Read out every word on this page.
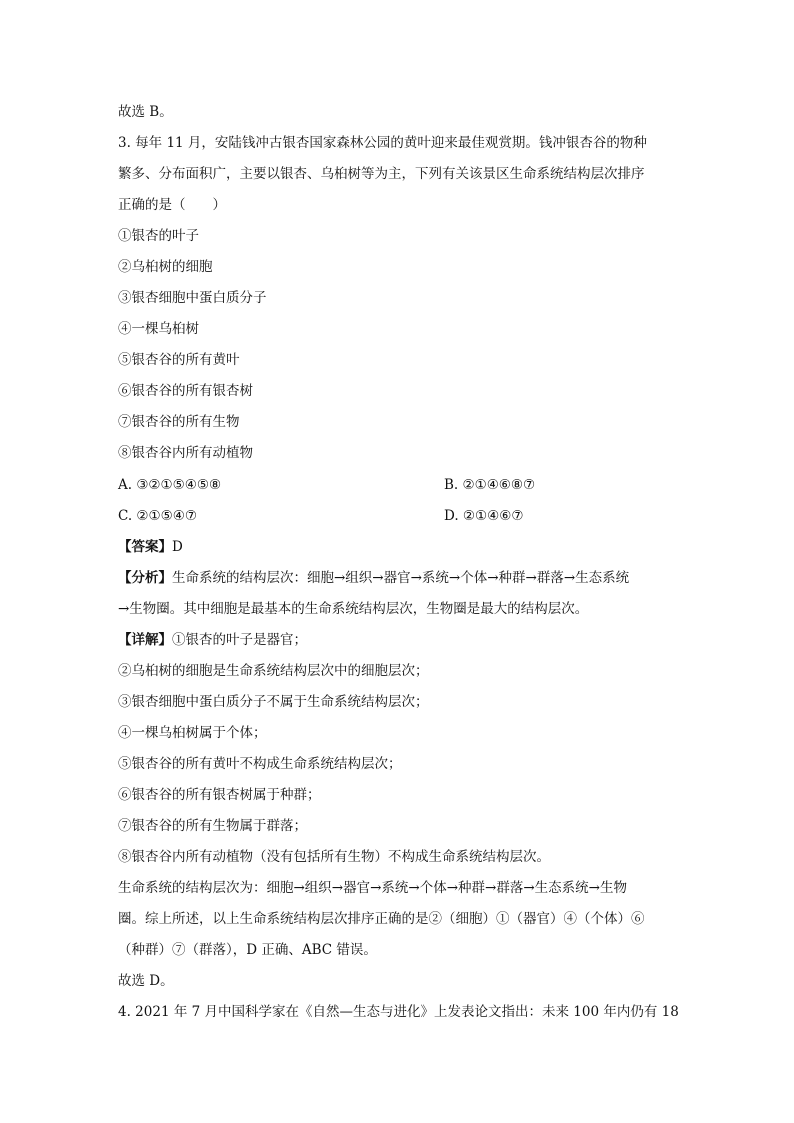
故选 B。
3. 每年 11 月，安陆钱冲古银杏国家森林公园的黄叶迎来最佳观赏期。钱冲银杏谷的物种
繁多、分布面积广，主要以银杏、乌桕树等为主，下列有关该景区生命系统结构层次排序
正确的是（　　）
①银杏的叶子
②乌桕树的细胞
③银杏细胞中蛋白质分子
④一棵乌桕树
⑤银杏谷的所有黄叶
⑥银杏谷的所有银杏树
⑦银杏谷的所有生物
⑧银杏谷内所有动植物
A. ③②①⑤④⑤⑧	B. ②①④⑥⑧⑦
C. ②①⑤④⑦	D. ②①④⑥⑦
【答案】D
【分析】生命系统的结构层次：细胞→组织→器官→系统→个体→种群→群落→生态系统
→生物圈。其中细胞是最基本的生命系统结构层次，生物圈是最大的结构层次。
【详解】①银杏的叶子是器官；
②乌桕树的细胞是生命系统结构层次中的细胞层次；
③银杏细胞中蛋白质分子不属于生命系统结构层次；
④一棵乌桕树属于个体；
⑤银杏谷的所有黄叶不构成生命系统结构层次；
⑥银杏谷的所有银杏树属于种群；
⑦银杏谷的所有生物属于群落；
⑧银杏谷内所有动植物（没有包括所有生物）不构成生命系统结构层次。
生命系统的结构层次为：细胞→组织→器官→系统→个体→种群→群落→生态系统→生物
圈。综上所述，以上生命系统结构层次排序正确的是②（细胞）①（器官）④（个体）⑥
（种群）⑦（群落），D 正确、ABC 错误。
故选 D。
4. 2021 年 7 月中国科学家在《自然—生态与进化》上发表论文指出：未来 100 年内仍有 18
